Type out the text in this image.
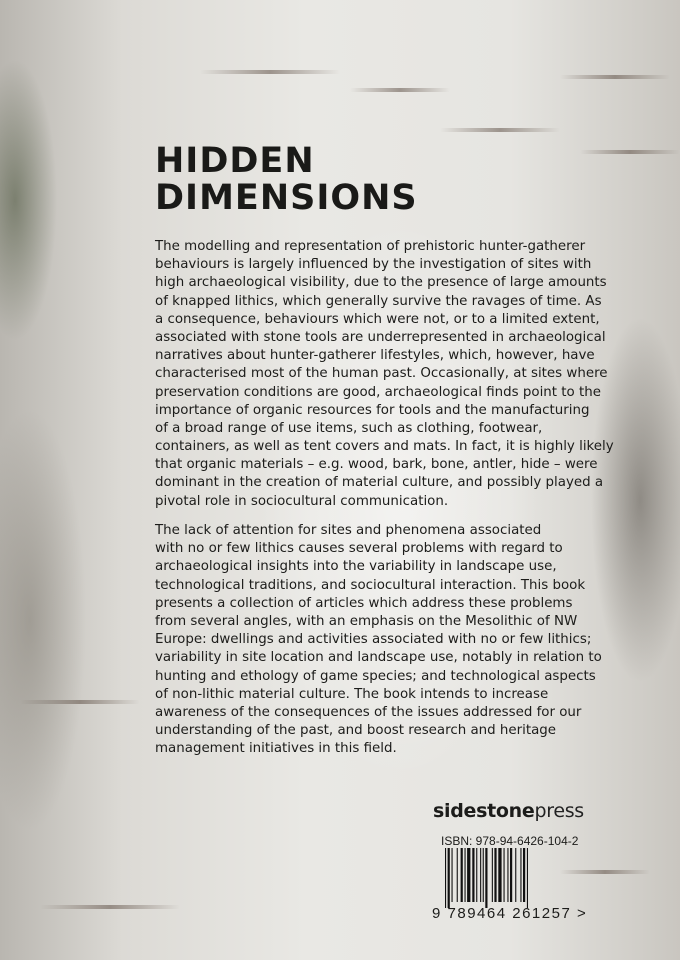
HIDDEN
DIMENSIONS
The modelling and representation of prehistoric hunter-gatherer
behaviours is largely influenced by the investigation of sites with
high archaeological visibility, due to the presence of large amounts
of knapped lithics, which generally survive the ravages of time. As
a consequence, behaviours which were not, or to a limited extent,
associated with stone tools are underrepresented in archaeological
narratives about hunter-gatherer lifestyles, which, however, have
characterised most of the human past. Occasionally, at sites where
preservation conditions are good, archaeological finds point to the
importance of organic resources for tools and the manufacturing
of a broad range of use items, such as clothing, footwear,
containers, as well as tent covers and mats. In fact, it is highly likely
that organic materials – e.g. wood, bark, bone, antler, hide – were
dominant in the creation of material culture, and possibly played a
pivotal role in sociocultural communication.
The lack of attention for sites and phenomena associated
with no or few lithics causes several problems with regard to
archaeological insights into the variability in landscape use,
technological traditions, and sociocultural interaction. This book
presents a collection of articles which address these problems
from several angles, with an emphasis on the Mesolithic of NW
Europe: dwellings and activities associated with no or few lithics;
variability in site location and landscape use, notably in relation to
hunting and ethology of game species; and technological aspects
of non-lithic material culture. The book intends to increase
awareness of the consequences of the issues addressed for our
understanding of the past, and boost research and heritage
management initiatives in this field.
sidestonepress
ISBN: 978-94-6426-104-2
9 789464 261257 >
